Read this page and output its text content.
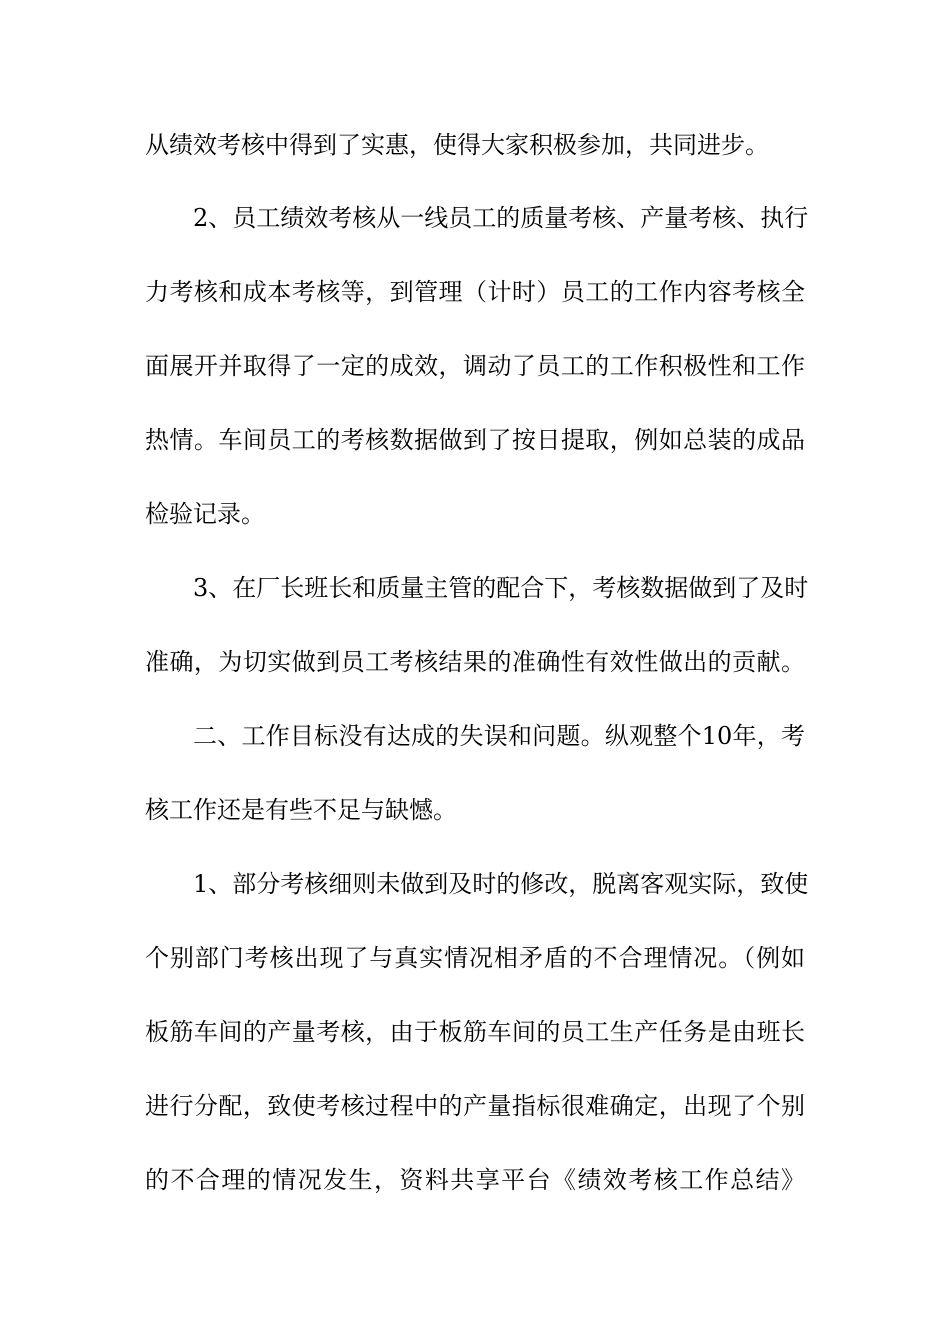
从绩效考核中得到了实惠，使得大家积极参加，共同进步。
2、员工绩效考核从一线员工的质量考核、产量考核、执行
力考核和成本考核等，到管理（计时）员工的工作内容考核全
面展开并取得了一定的成效，调动了员工的工作积极性和工作
热情。车间员工的考核数据做到了按日提取，例如总装的成品
检验记录。
3、在厂长班长和质量主管的配合下，考核数据做到了及时
准确，为切实做到员工考核结果的准确性有效性做出的贡献。
二、工作目标没有达成的失误和问题。纵观整个10年，考
核工作还是有些不足与缺憾。
1、部分考核细则未做到及时的修改，脱离客观实际，致使
个别部门考核出现了与真实情况相矛盾的不合理情况。（例如
板筋车间的产量考核，由于板筋车间的员工生产任务是由班长
进行分配，致使考核过程中的产量指标很难确定，出现了个别
的不合理的情况发生，资料共享平台《绩效考核工作总结》
